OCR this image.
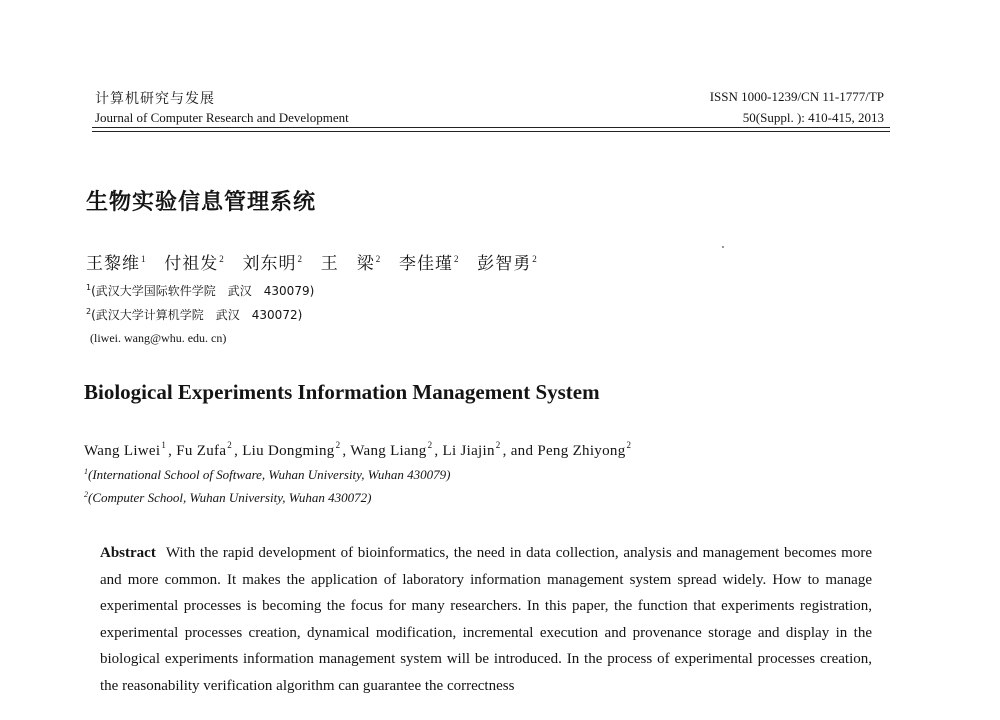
计算机研究与发展
Journal of Computer Research and Development
ISSN 1000-1239/CN 11-1777/TP
50(Suppl. ): 410-415, 2013
生物实验信息管理系统
王黎维$^1$ 付祖发$^2$ 刘东明$^2$ 王　梁$^2$ 李佳瑾$^2$ 彭智勇$^2$
$^1$(武汉大学国际软件学院　武汉　430079)
$^2$(武汉大学计算机学院　武汉　430072)
(liwei. wang@whu. edu. cn)
Biological Experiments Information Management System
Wang Liwei$^1$ , Fu Zufa$^2$ , Liu Dongming$^2$ , Wang Liang$^2$ , Li Jiajin$^2$ , and Peng Zhiyong$^2$
$^1$(International School of Software, Wuhan University, Wuhan 430079)
$^2$(Computer School, Wuhan University, Wuhan 430072)
Abstract With the rapid development of bioinformatics, the need in data collection, analysis and management becomes more and more common. It makes the application of laboratory information management system spread widely. How to manage experimental processes is becoming the focus for many researchers. In this paper, the function that experiments registration, experimental processes creation, dynamical modification, incremental execution and provenance storage and display in the biological experiments information management system will be introduced. In the process of experimental processes creation, the reasonability verification algorithm can guarantee the correctness
